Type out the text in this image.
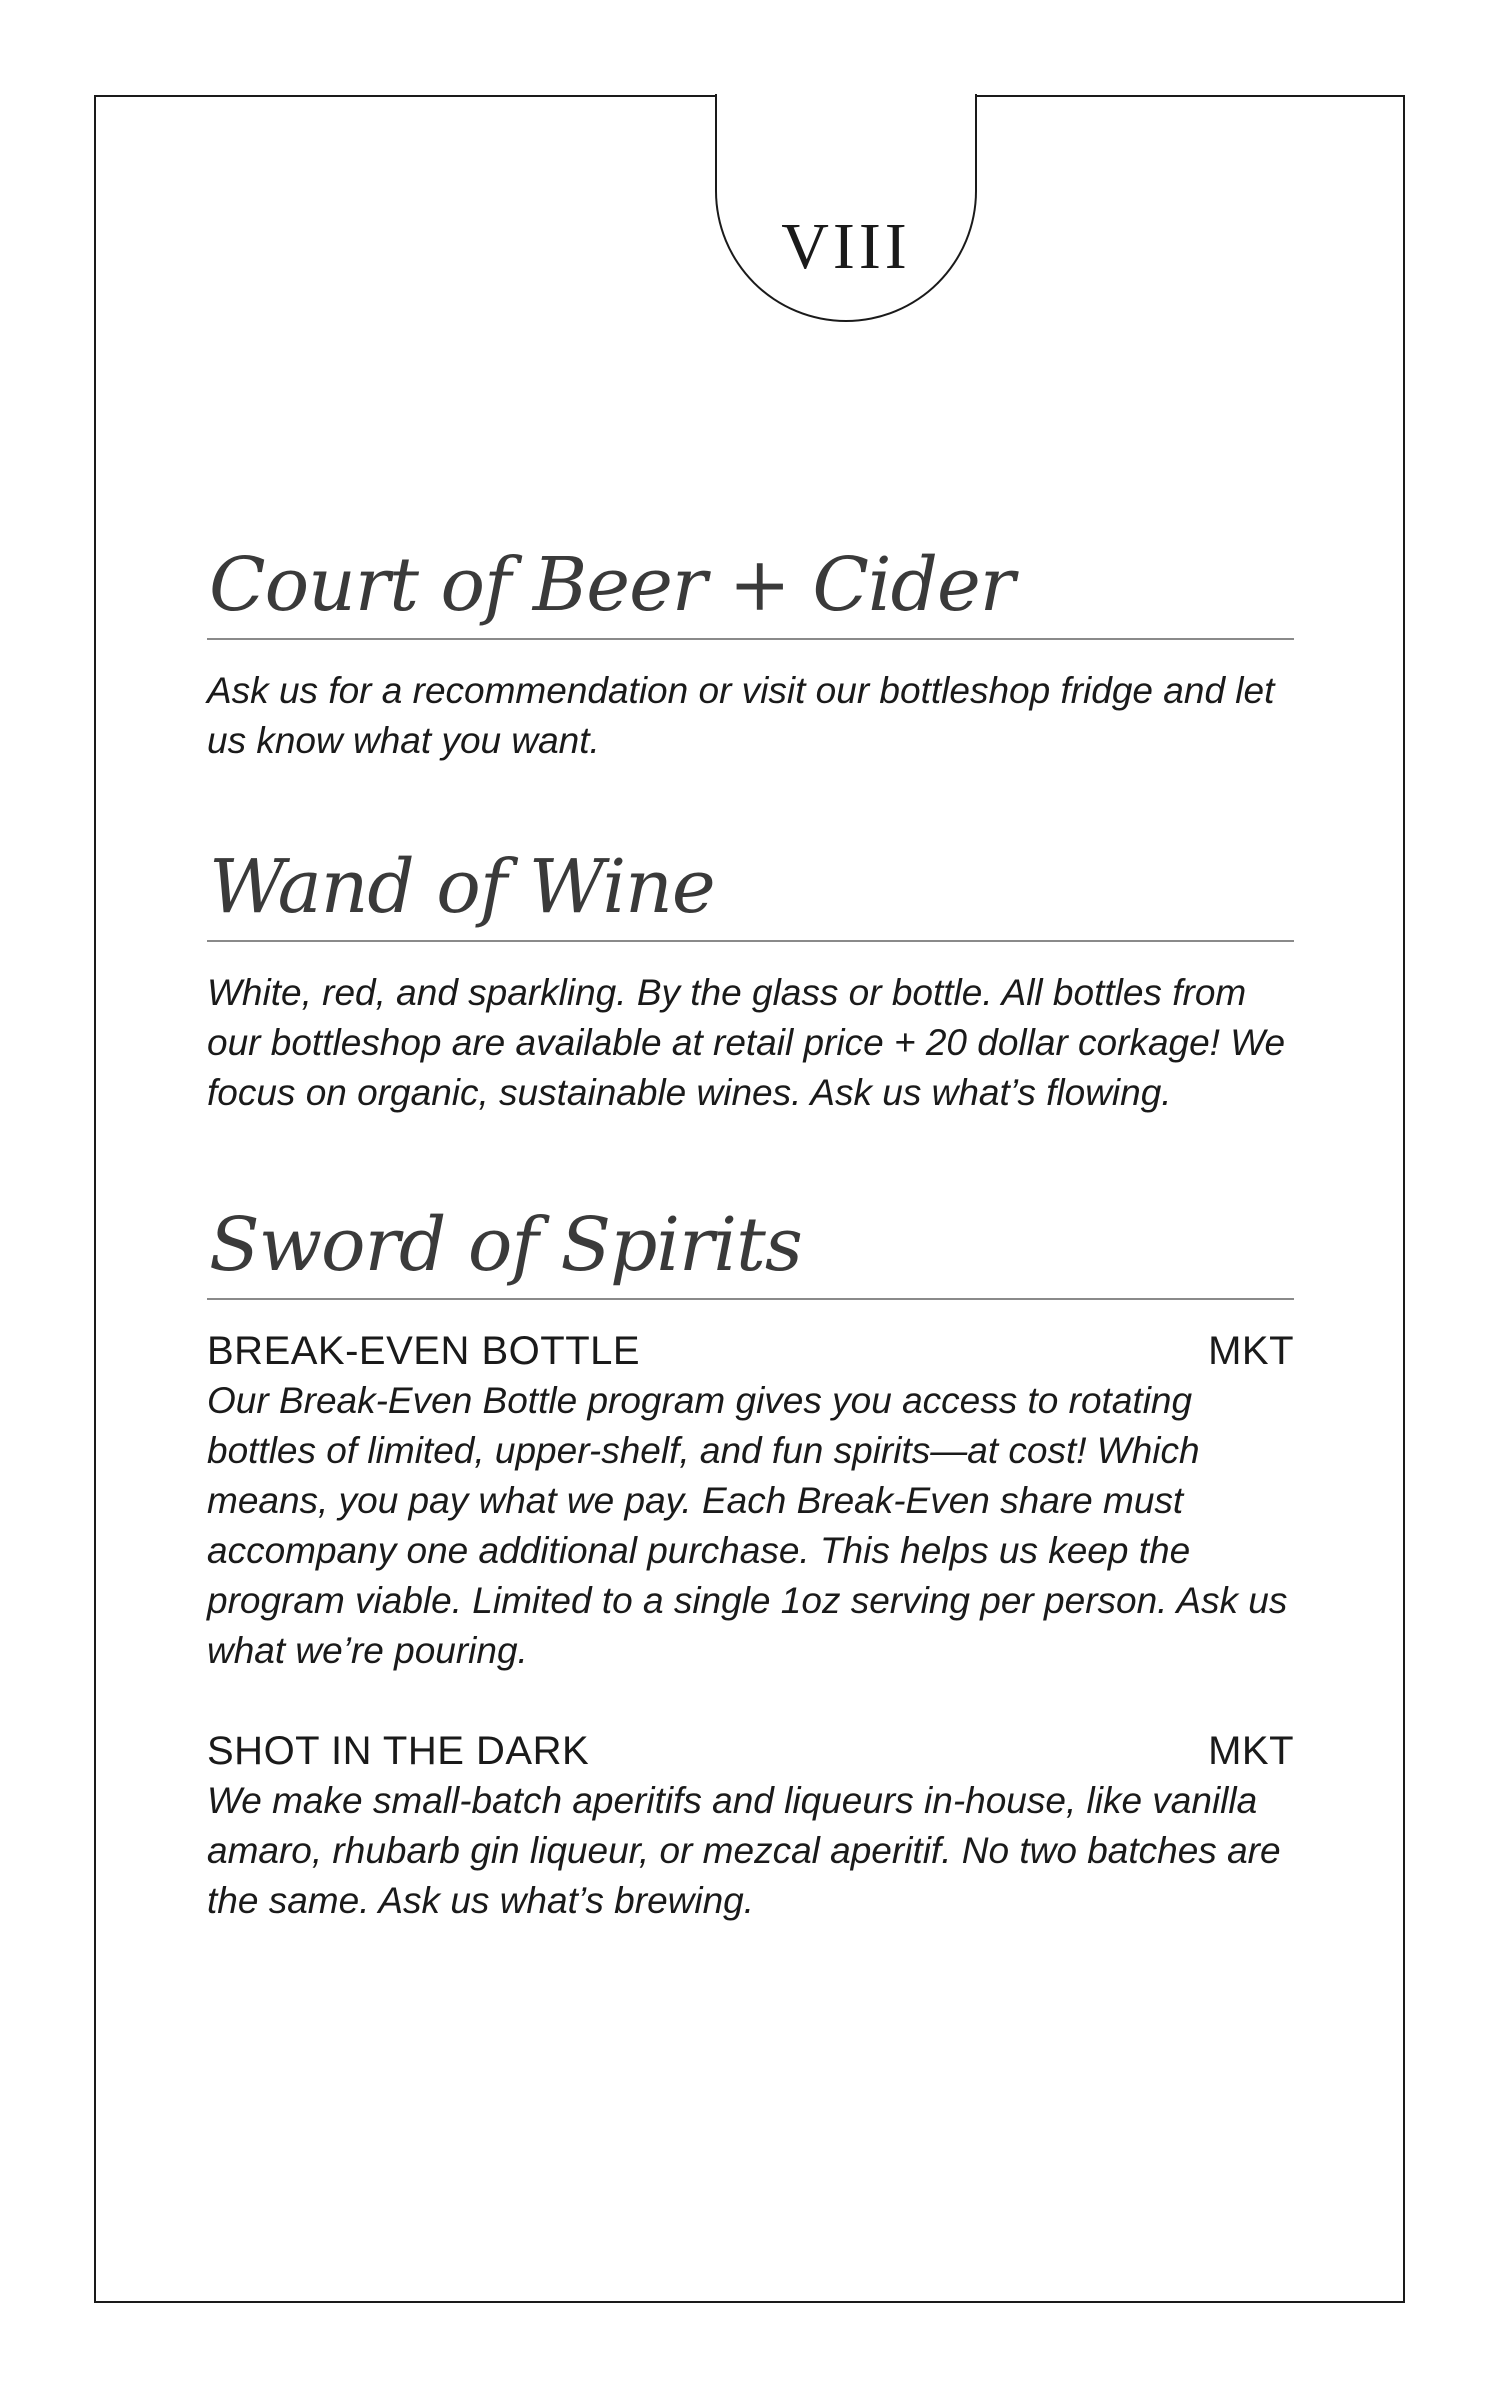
VIII
Court of Beer + Cider

Ask us for a recommendation or visit our bottleshop fridge and let us know what you want.

Wand of Wine

White, red, and sparkling. By the glass or bottle. All bottles from our bottleshop are available at retail price + 20 dollar corkage! We focus on organic, sustainable wines. Ask us what’s flowing.

Sword of Spirits
BREAK-EVEN BOTTLE	MKT

Our Break-Even Bottle program gives you access to rotating bottles of limited, upper-shelf, and fun spirits—at cost! Which means, you pay what we pay. Each Break-Even share must accompany one additional purchase. This helps us keep the program viable. Limited to a single 1oz serving per person. Ask us what we’re pouring.

SHOT IN THE DARK	MKT

We make small-batch aperitifs and liqueurs in-house, like vanilla amaro, rhubarb gin liqueur, or mezcal aperitif. No two batches are the same. Ask us what’s brewing.
